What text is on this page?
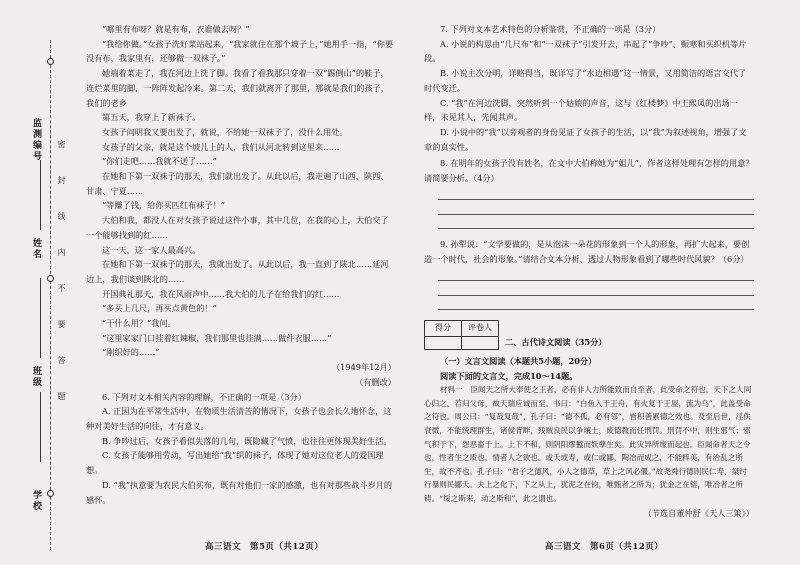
监测编号
姓名
班级
学校
密封线内不要答题

“哪里有布呀？就是有布，衣谁做去呀？”

“我给你做。”女孩子洗好菜站起来，“我家就住在那个坡子上，”她用手一指，“你要没有布，我家里有，还够做一双袜子。”

她端着菜走了，我在河边上洗了脚。我看了看我那只穿着一双“踢倒山”的鞋子，连烂菜里的脚，一阵阵发起冷来。第二天，我们就离开了那里，那就是我们的孩子，我们的老乡

第五天，我穿上了新袜子。

女孩子问明我又要出发了，就说，不给她一双袜子了，没什么用处。

女孩子的父亲，就是这个坡儿上的人，我们从河北转到这里来……

“你们走吧……我就不送了……”

在她和下第一双袜子的那天，我们就出发了。从此以后，我走遍了山西、陕西、甘肃、宁夏……

“等赚了钱，给你买匹红布袜子！”

大伯和我，都没人在对女孩子说过这件小事，其中几位，在我的心上，大伯交了一个能够找到的红……

这一天，这一家人最高兴。

在她和下第一双袜子的那天，我就出发了。从此以后，我一直到了陕北……延河边上，我们谈到陕北的……

开国典礼那天，我在风雨声中……我大伯的儿子在给我们的红……

“多买上几尺，再买点黄色的！”

“干什么用？”我问。

“这里家家门口挂着红辣椒，我们那里也挂满……做件衣服……”

“刚织好的……”

（1949年12月）

（有删改）

6. 下列对文本相关内容的理解，不正确的一项是（3分）

A. 正因为在平常生活中，在物质生活清苦的情况下，女孩子也会长久地怀念，这种对美好生活的向往，才有意义。

B. 争吵过后，女孩子看似失落的几句，既隐藏了气愤，也往往更体现美好生活。

C. 女孩子能够用劳动，写出她给“我”织的袜子，体现了她对这位老人的爱国理想。

D. “我”执意要为农民大伯买布，既有对他们一家的感激，也有对那些战斗岁月的感怀。

7. 下列对文本艺术特色的分析鉴赏，不正确的一项是（3分）

A. 小说的构思由“几尺布”和“一双袜子”引发开去，串起了“争吵”、赈寒和买织机等片段。

B. 小说主次分明，详略得当，既详写了“水边相遇”这一情景，又用简洁的语言交代了时代变迁。

C. “我”在河边洗脚，突然听到一个姑娘的声音，这与《红楼梦》中王熙凤的出场一样，未见其人，先闻其声。

D. 小说中的“我”以旁观者的身份见证了女孩子的生活，以“我”为叙述视角，增强了文章的真实性。

8. 在明年的女孩子没有姓名，在文中大伯称她为“姐儿”，作者这样处理有怎样的用意？请简要分析。（4分）

9. 孙犁说：“文学要做的，是从泡沫一朵花的形象到一个人的形象，再扩大起来，要创造一个时代，社会的形象。”请结合文本分析，透过人物形象看到了哪些时代风貌？（6分）

得分	评卷人

二、古代诗文阅读（35分）

（一）文言文阅读（本题共5小题，20分）

阅读下面的文言文，完成10～14题。

材料一　臣闻天之所大奉使之王者，必有非人力所能致而自至者，此受命之符也。天下之人同心归之，若归父母，故天瑞应诚而至。书曰：“白鱼入于王舟，有火复于王屋，流为乌”，此盖受命之符也。周公曰：“复哉复哉”，孔子曰：“德不孤，必有邻”，皆积善累德之效也。及至后世，淫佚衰微，不能统理群生，诸侯背畔，残贼良民以争壤土，废德教而任刑罚。刑罚不中，则生邪气；邪气积于下，怨恶畜于上。上下不和，则阴阳缪盭而妖孽生矣。此灾异所缘而起也。臣闻命者天之令也，性者生之质也，情者人之欲也。或夭或寿，或仁或鄙，陶冶而成之，不能粹美，有治乱之所生，故不齐也。孔子曰：“君子之德风，小人之德草，草上之风必偃。”故尧舜行德则民仁寿，桀纣行暴则民鄙夭。夫上之化下，下之从上，犹泥之在钧，唯甄者之所为；犹金之在镕，唯冶者之所铸。“绥之斯来，动之斯和”，此之谓也。

（节选自董仲舒《天人三策》）

高三语文　第5页（共12页）	高三语文　第6页（共12页）
